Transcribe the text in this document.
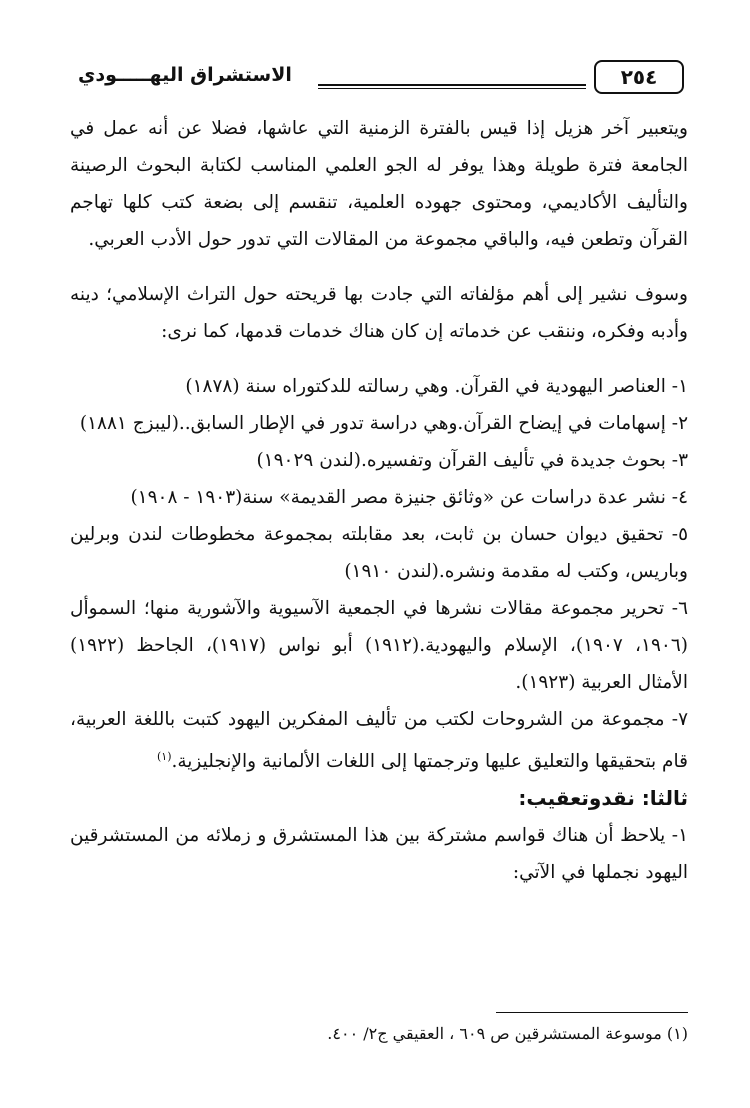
الاستشراق اليهـــــودي	٢٥٤

ويتعبير آخر هزيل إذا قيس بالفترة الزمنية التي عاشها، فضلا عن أنه عمل في الجامعة فترة طويلة وهذا يوفر له الجو العلمي المناسب لكتابة البحوث الرصينة والتأليف الأكاديمي، ومحتوى جهوده العلمية، تنقسم إلى بضعة كتب كلها تهاجم القرآن وتطعن فيه، والباقي مجموعة من المقالات التي تدور حول الأدب العربي.

وسوف نشير إلى أهم مؤلفاته التي جادت بها قريحته حول التراث الإسلامي؛ دينه وأدبه وفكره، وننقب عن خدماته إن كان هناك خدمات قدمها، كما نرى:

١- العناصر اليهودية في القرآن. وهي رسالته للدكتوراه سنة (١٨٧٨)

٢- إسهامات في إيضاح القرآن.وهي دراسة تدور في الإطار السابق..(ليبزج ١٨٨١)

٣- بحوث جديدة في تأليف القرآن وتفسيره.(لندن ١٩٠٢٩)

٤- نشر عدة دراسات عن «وثائق جنيزة مصر القديمة» سنة(١٩٠٣ - ١٩٠٨)

٥- تحقيق ديوان حسان بن ثابت، بعد مقابلته بمجموعة مخطوطات لندن وبرلين وباريس، وكتب له مقدمة ونشره.(لندن ١٩١٠)

٦- تحرير مجموعة مقالات نشرها في الجمعية الآسيوية والآشورية منها؛ السموأل (١٩٠٦، ١٩٠٧)، الإسلام واليهودية.(١٩١٢) أبو نواس (١٩١٧)، الجاحظ (١٩٢٢) الأمثال العربية (١٩٢٣).

٧- مجموعة من الشروحات لكتب من تأليف المفكرين اليهود كتبت باللغة العربية، قام بتحقيقها والتعليق عليها وترجمتها إلى اللغات الألمانية والإنجليزية.$^{(١)}$

ثالثا: نقدوتعقيب:

١- يلاحظ أن هناك قواسم مشتركة بين هذا المستشرق و زملائه من المستشرقين اليهود نجملها في الآتي:

(١) موسوعة المستشرقين ص ٦٠٩ ، العقيقي ج٢/ ٤٠٠.
